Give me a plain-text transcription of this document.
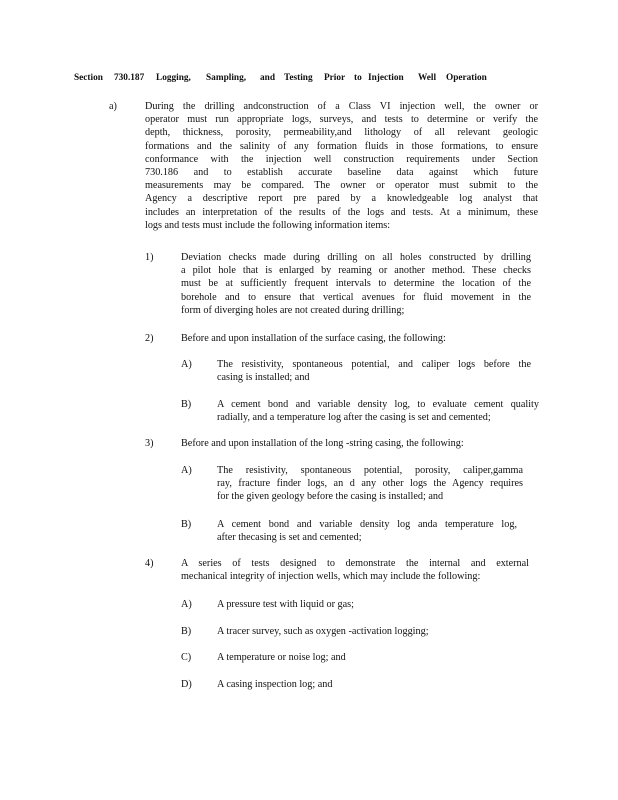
Section 730.187 Logging, Sampling, and Testing Prior to Injection Well Operation
a)	During the drilling andconstruction of a Class VI injection well, the owner or
operator must run appropriate logs, surveys, and tests to determine or verify the
depth, thickness, porosity, permeability,and lithology of all relevant geologic
formations and the salinity of any formation fluids in those formations, to ensure
conformance with the injection well construction requirements under Section
730.186 and to establish accurate baseline data against which future
measurements may be compared. The owner or operator must submit to the
Agency a descriptive report pre pared by a knowledgeable log analyst that
includes an interpretation of the results of the logs and tests. At a minimum, these
logs and tests must include the following information items:
1)	Deviation checks made during drilling on all holes constructed by drilling
a pilot hole that is enlarged by reaming or another method. These checks
must be at sufficiently frequent intervals to determine the location of the
borehole and to ensure that vertical avenues for fluid movement in the
form of diverging holes are not created during drilling;
2)	Before and upon installation of the surface casing, the following:
A) The resistivity, spontaneous potential, and caliper logs before the
casing is installed; and
B)	A cement bond and variable density log, to evaluate cement quality
radially, and a temperature log after the casing is set and cemented;
3)	Before and upon installation of the long -string casing, the following:
A) The resistivity, spontaneous potential, porosity, caliper,gamma
ray, fracture finder logs, an d any other logs the Agency requires
for the given geology before the casing is installed; and
B)	A cement bond and variable density log anda temperature log,
after thecasing is set and cemented;
4)	A series of tests designed to demonstrate the internal and external
mechanical integrity of injection wells, which may include the following:
A) A pressure test with liquid or gas;
B)	A tracer survey, such as oxygen -activation logging;
C)	A temperature or noise log; and
D) A casing inspection log; and
